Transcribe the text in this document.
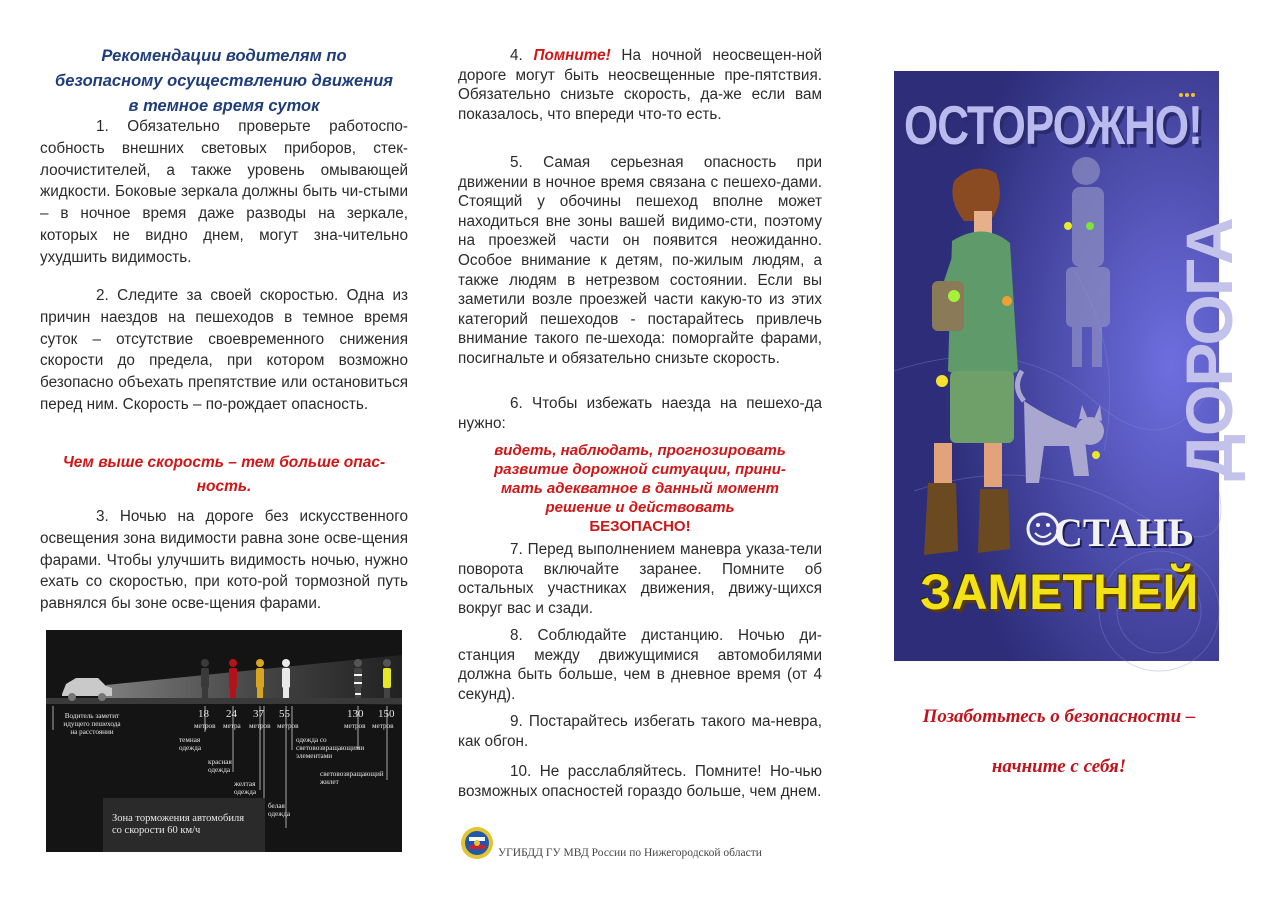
Рекомендации водителям по
безопасному осуществлению движения
в темное время суток
1. Обязательно проверьте работоспо-собность внешних световых приборов, стек-лоочистителей, а также уровень омывающей жидкости. Боковые зеркала должны быть чи-стыми – в ночное время даже разводы на зеркале, которых не видно днем, могут зна-чительно ухудшить видимость.
2. Следите за своей скоростью. Одна из причин наездов на пешеходов в темное время суток – отсутствие своевременного снижения скорости до предела, при котором возможно безопасно объехать препятствие или остановиться перед ним. Скорость – по-рождает опасность.
Чем выше скорость – тем больше опас-
ность.
3. Ночью на дороге без искусственного освещения зона видимости равна зоне осве-щения фарами. Чтобы улучшить видимость ночью, нужно ехать со скоростью, при кото-рой тормозной путь равнялся бы зоне осве-щения фарами.
Водитель заметит
идущего пешехода
на расстоянии
18
метров
24
метра
37
метров
55
метров
130
метров
150
метров
темная
одежда
красная
одежда
желтая
одежда
белая
одежда
одежда со
световозвращающими
элементами
световозвращающий
жилет
Зона торможения автомобиля
со скорости 60 км/ч
4. Помните! На ночной неосвещен-ной дороге могут быть неосвещенные пре-пятствия. Обязательно снизьте скорость, да-же если вам показалось, что впереди что-то есть.
5. Самая серьезная опасность при движении в ночное время связана с пешехо-дами. Стоящий у обочины пешеход вполне может находиться вне зоны вашей видимо-сти, поэтому на проезжей части он появится неожиданно. Особое внимание к детям, по-жилым людям, а также людям в нетрезвом состоянии. Если вы заметили возле проезжей части какую-то из этих категорий пешеходов - постарайтесь привлечь внимание такого пе-шехода: поморгайте фарами, посигнальте и обязательно снизьте скорость.
6. Чтобы избежать наезда на пешехо-да нужно:
видеть, наблюдать, прогнозировать
развитие дорожной ситуации, прини-
мать адекватное в данный момент
решение и действовать
БЕЗОПАСНО!
7. Перед выполнением маневра указа-тели поворота включайте заранее. Помните об остальных участниках движения, движу-щихся вокруг вас и сзади.
8. Соблюдайте дистанцию. Ночью ди-станция между движущимися автомобилями должна быть больше, чем в дневное время (от 4 секунд).
9. Постарайтесь избегать такого ма-невра, как обгон.
10. Не расслабляйтесь. Помните! Но-чью возможных опасностей гораздо больше, чем днем.
УГИБДД ГУ МВД России по Нижегородской области
ОСТОРОЖНО!
ДОРОГА
СТАНЬ
ЗАМЕТНЕЙ
Позаботьтесь о безопасности –
начните с себя!
